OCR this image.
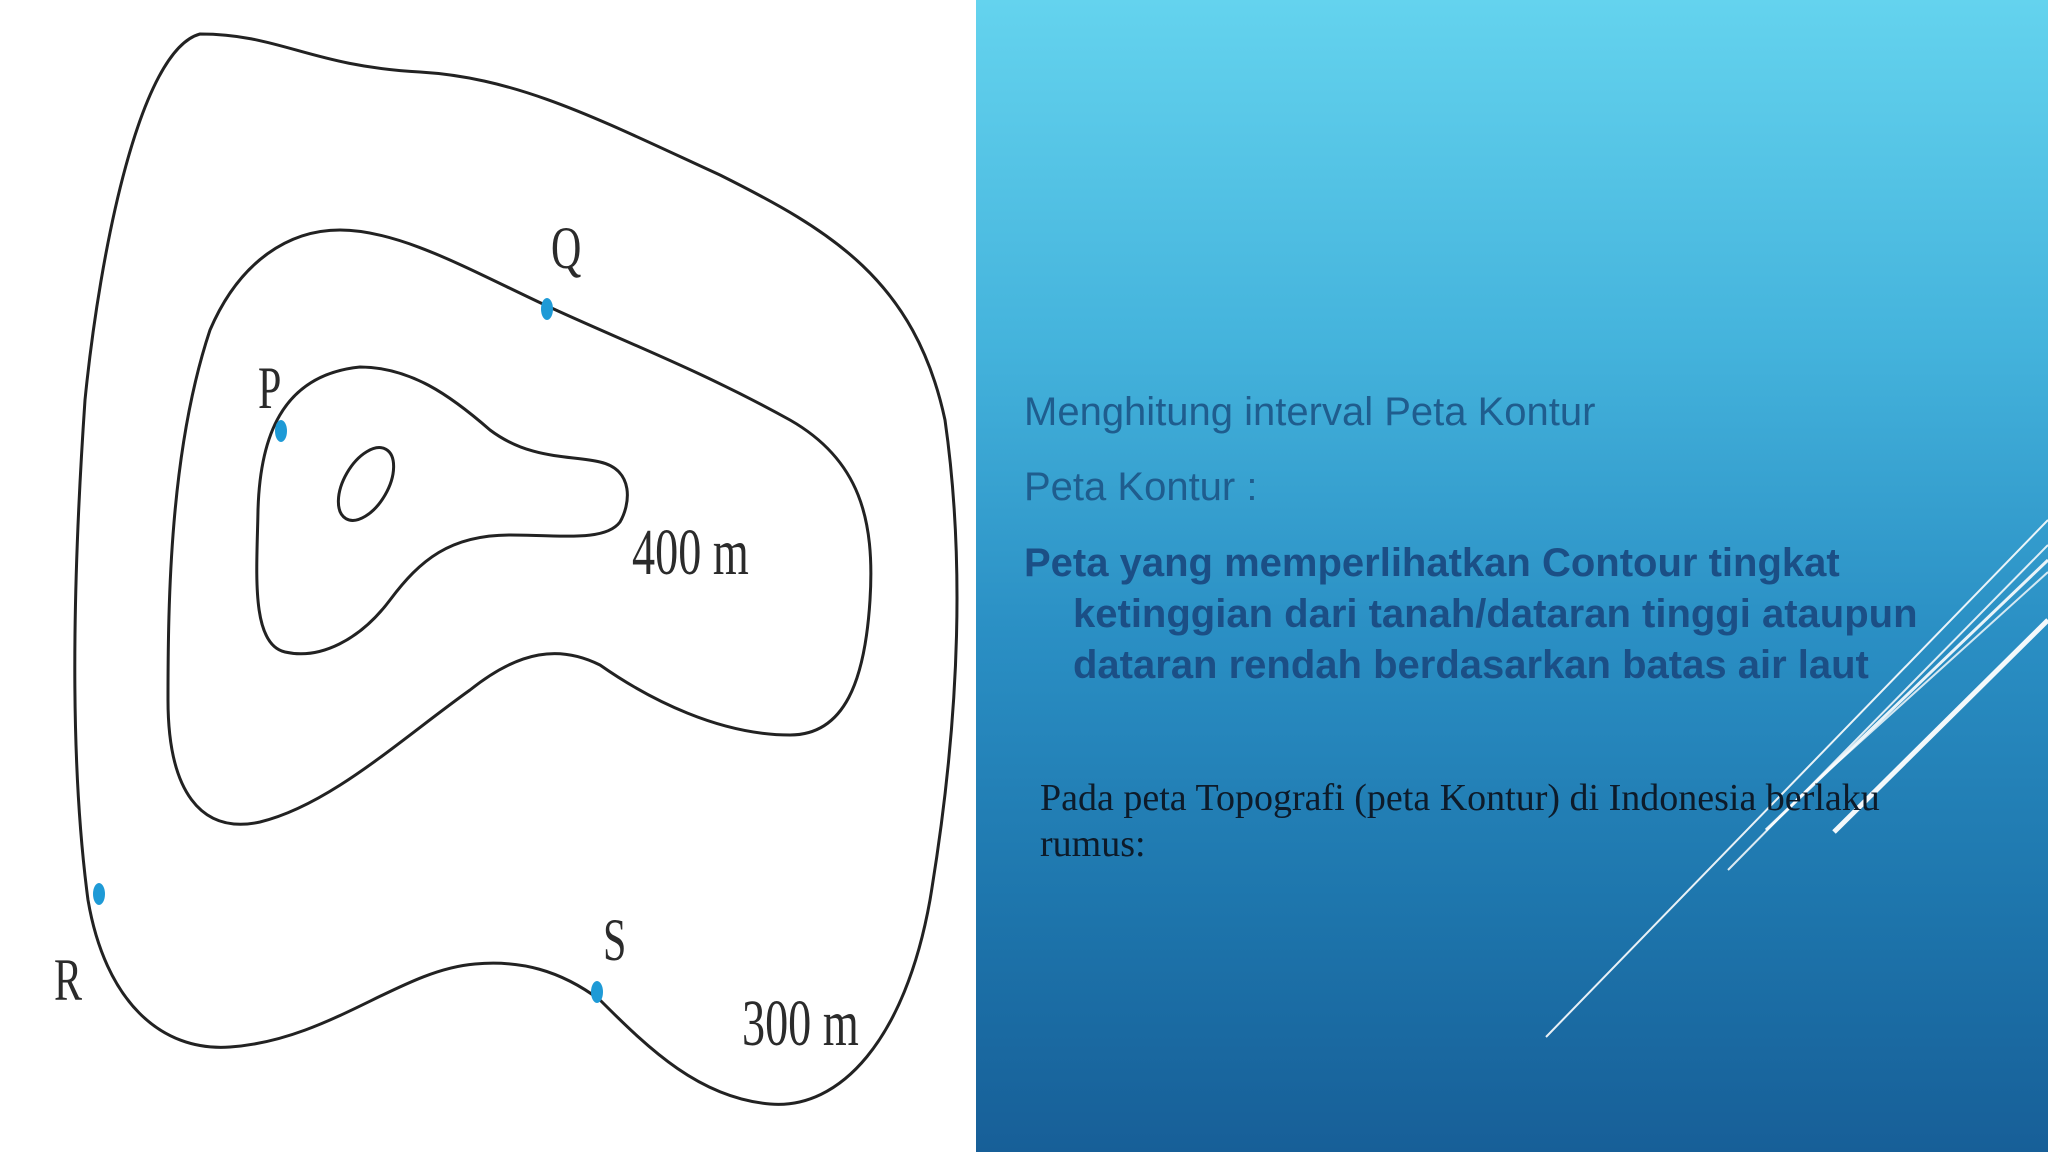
P
Q
R
S
400 m
300 m

Menghitung interval Peta Kontur

Peta Kontur :

Peta yang memperlihatkan Contour tingkat ketinggian dari tanah/dataran tinggi ataupun dataran rendah berdasarkan batas air laut

Pada peta Topografi (peta Kontur) di Indonesia berlaku rumus:
